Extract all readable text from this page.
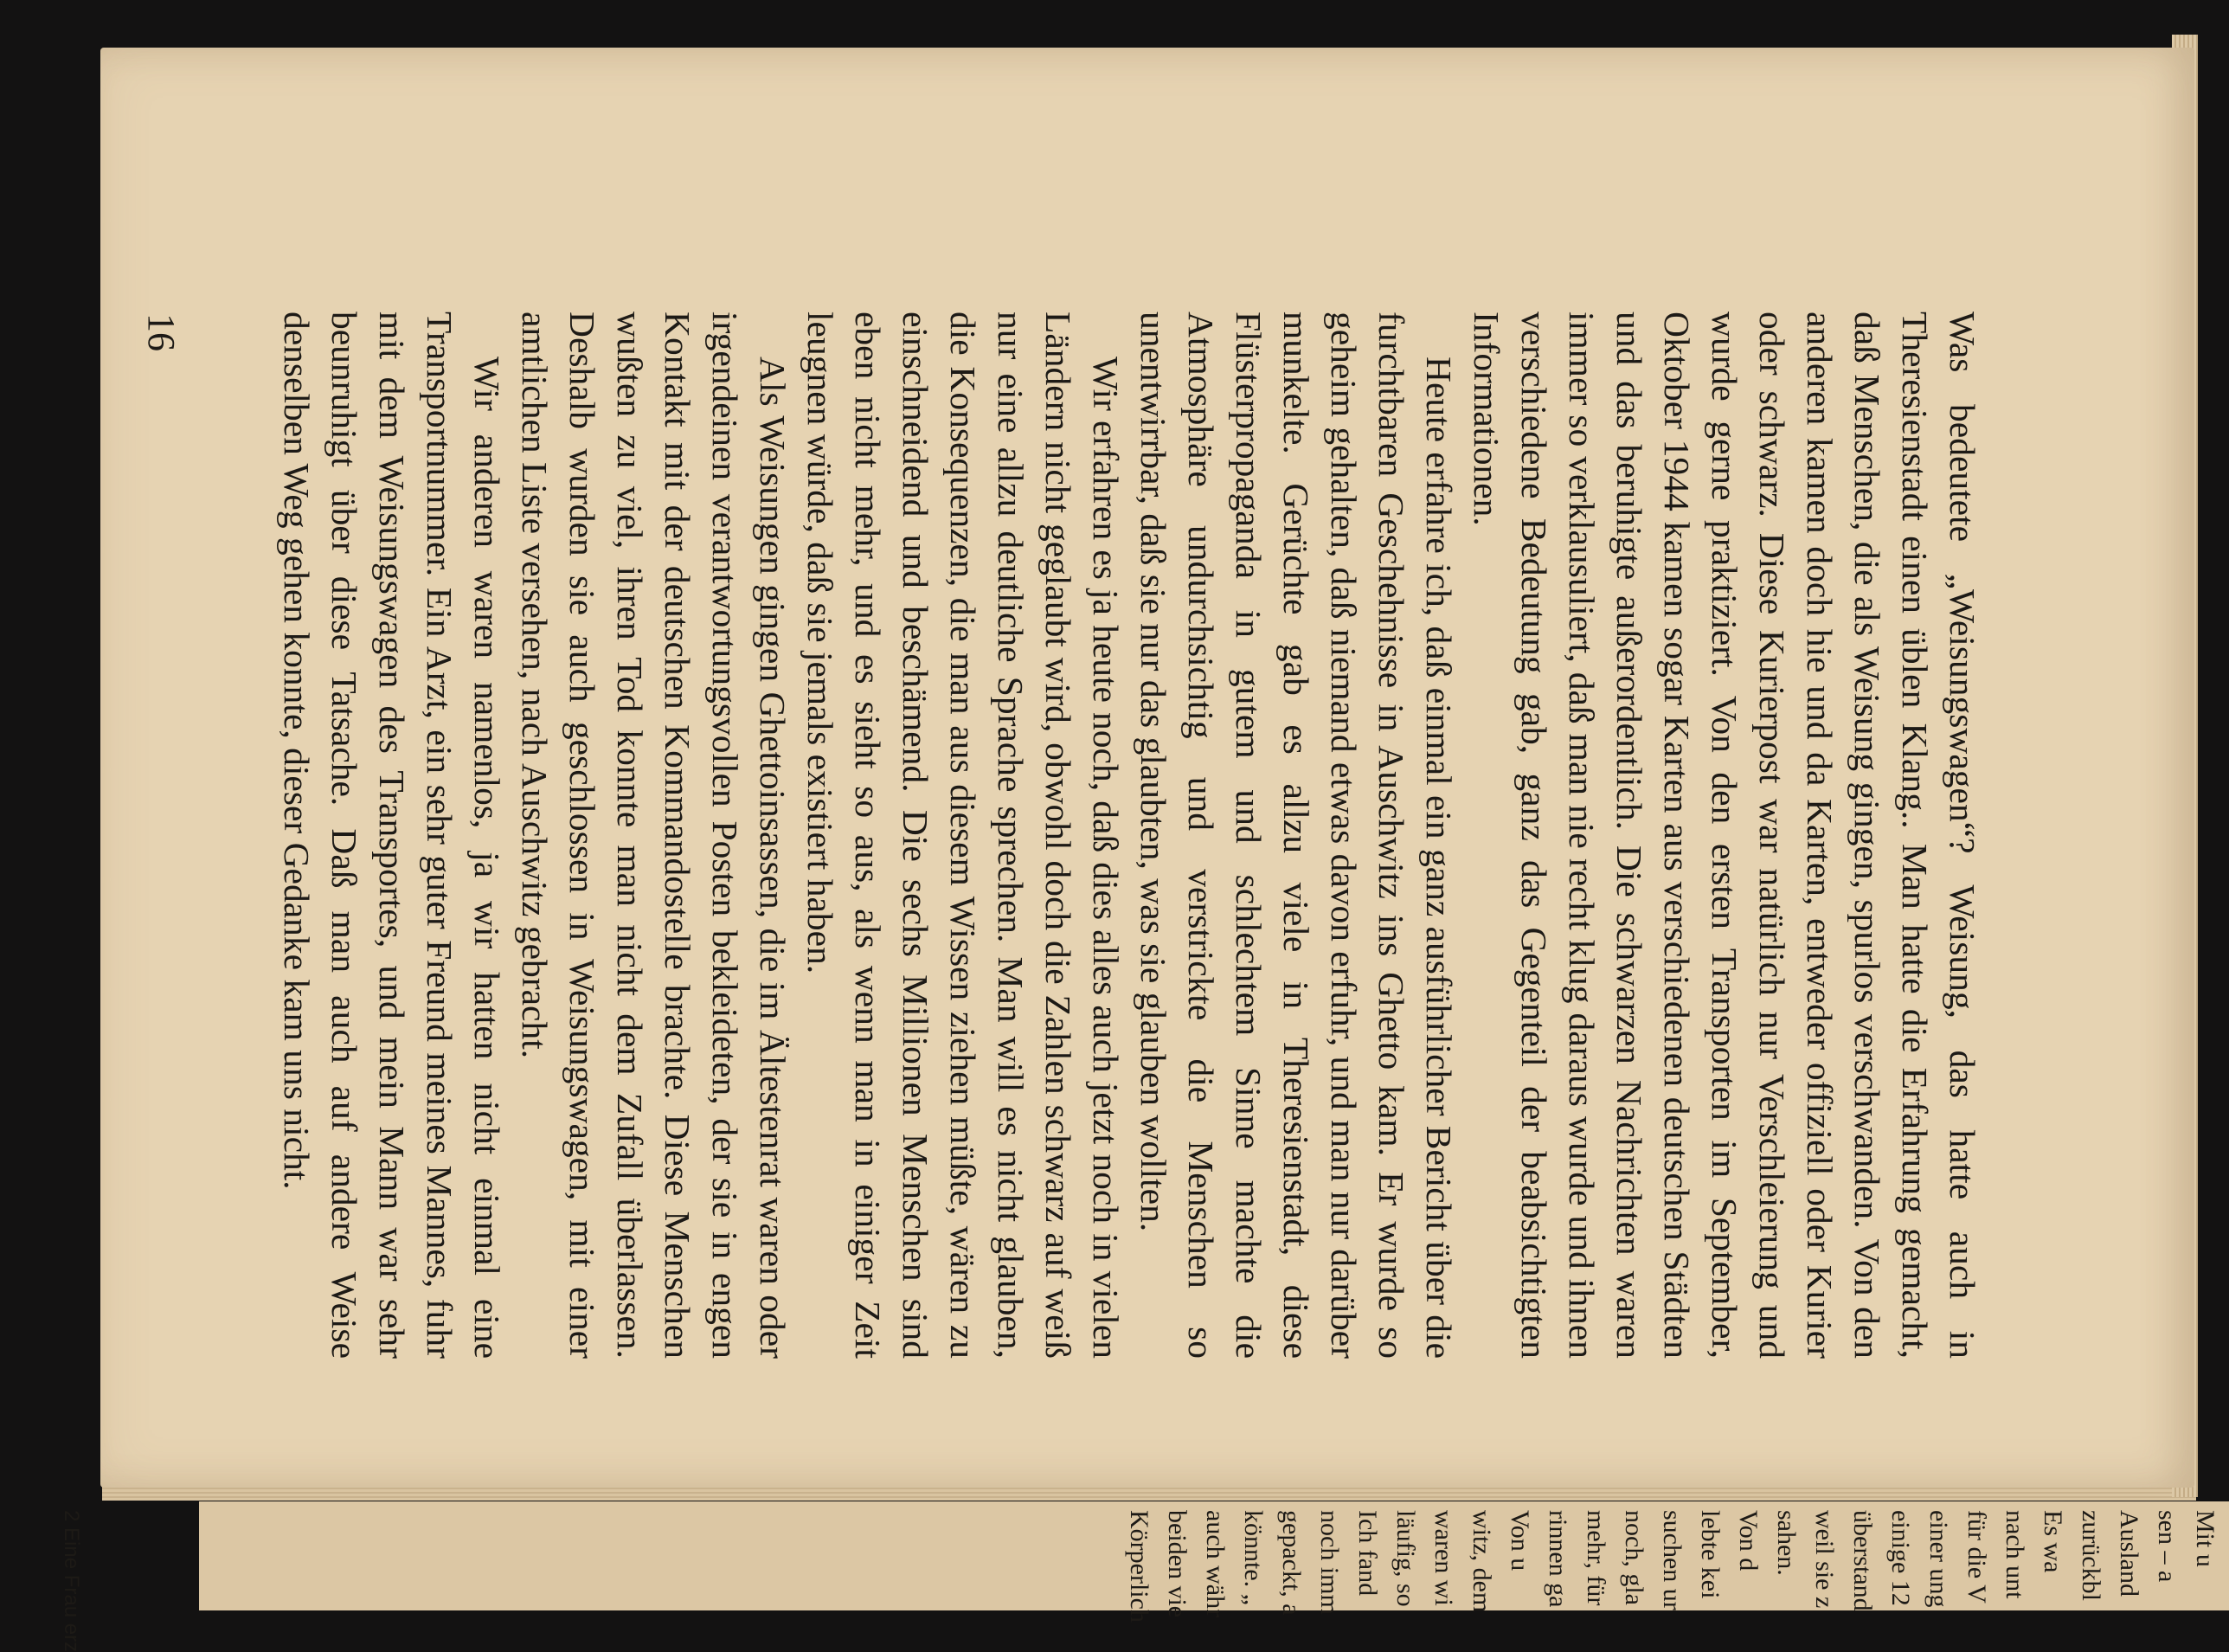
Was bedeutete „Weisungswagen“? Weisung, das hatte auch in Theresienstadt einen üblen Klang.. Man hatte die Erfahrung gemacht, daß Menschen, die als Weisung gingen, spurlos verschwanden. Von den anderen kamen doch hie und da Karten, entweder offiziell oder Kurier oder schwarz. Diese Kurierpost war natürlich nur Verschleierung und wurde gerne praktiziert. Von den ersten Transporten im September, Oktober 1944 kamen sogar Karten aus verschiedenen deutschen Städten und das beruhigte außerordentlich. Die schwarzen Nachrichten waren immer so verklausuliert, daß man nie recht klug daraus wurde und ihnen verschiedene Bedeutung gab, ganz das Gegenteil der beabsichtigten Informationen.

Heute erfahre ich, daß einmal ein ganz ausführlicher Bericht über die furchtbaren Geschehnisse in Auschwitz ins Ghetto kam. Er wurde so geheim gehalten, daß niemand etwas davon erfuhr, und man nur darüber munkelte. Gerüchte gab es allzu viele in Theresienstadt, diese Flüsterpropaganda in gutem und schlechtem Sinne machte die Atmosphäre undurchsichtig und verstrickte die Menschen so unentwirrbar, daß sie nur das glaubten, was sie glauben wollten.

Wir erfahren es ja heute noch, daß dies alles auch jetzt noch in vielen Ländern nicht geglaubt wird, obwohl doch die Zahlen schwarz auf weiß nur eine allzu deutliche Sprache sprechen. Man will es nicht glauben, die Konsequenzen, die man aus diesem Wissen ziehen müßte, wären zu einschneidend und beschämend. Die sechs Millionen Menschen sind eben nicht mehr, und es sieht so aus, als wenn man in einiger Zeit leugnen würde, daß sie jemals existiert haben.

Als Weisungen gingen Ghettoinsassen, die im Ältestenrat waren oder irgendeinen verantwortungsvollen Posten bekleideten, der sie in engen Kontakt mit der deutschen Kommandostelle brachte. Diese Menschen wußten zu viel, ihren Tod konnte man nicht dem Zufall überlassen. Deshalb wurden sie auch geschlossen in Weisungswagen, mit einer amtlichen Liste versehen, nach Auschwitz gebracht.

Wir anderen waren namenlos, ja wir hatten nicht einmal eine Transportnummer. Ein Arzt, ein sehr guter Freund meines Mannes, fuhr mit dem Weisungswagen des Transportes, und mein Mann war sehr beunruhigt über diese Tatsache. Daß man auch auf andere Weise denselben Weg gehen konnte, dieser Gedanke kam uns nicht.

16
Mit u
sen – a
Ausland
zurückbl
Es wa
nach unt
für die V
einer ung
einige 12
überstand
weil sie z
sahen.
Von d
lebte kei
suchen ur
noch, gla
mehr, für
rinnen ga
Von u
witz, dem
waren wi
läufig, so
Ich fand
noch imm
gepackt, a
könnte. „
auch währ
beiden vie
Körperlich
2 Eine Frau erz
